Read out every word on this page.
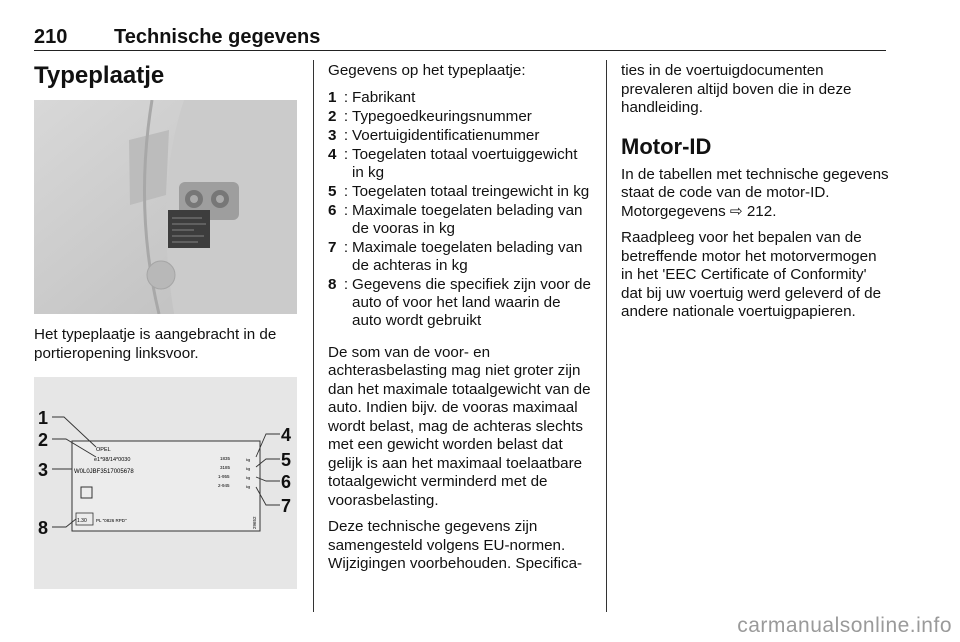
210 Technische gegevens
Typeplaatje

Het typeplaatje is aangebracht in de portieropening linksvoor.

OPEL
e1*98/14*0030
W0L0JBF3517005678
1835
3185
1-955
2-945
kg
kg
kg
kg
1.30 PL "0826 RPD"	29652
1
2
3
8
4
5
6
7

Gegevens op het typeplaatje:

1 : Fabrikant
2 : Typegoedkeuringsnummer
3 : Voertuigidentificatienummer
4 : Toegelaten totaal voertuiggewicht in kg
5 : Toegelaten totaal treingewicht in kg
6 : Maximale toegelaten belading van de vooras in kg
7 : Maximale toegelaten belading van de achteras in kg
8 : Gegevens die specifiek zijn voor de auto of voor het land waarin de auto wordt gebruikt

De som van de voor- en achterasbelasting mag niet groter zijn dan het maximale totaalgewicht van de auto. Indien bijv. de vooras maximaal wordt belast, mag de achteras slechts met een gewicht worden belast dat gelijk is aan het maximaal toelaatbare totaalgewicht verminderd met de voorasbelasting.

Deze technische gegevens zijn samengesteld volgens EU-normen. Wijzigingen voorbehouden. Specifica-

ties in de voertuigdocumenten prevaleren altijd boven die in deze handleiding.

Motor-ID

In de tabellen met technische gegevens staat de code van de motor-ID. Motorgegevens ⇨ 212.

Raadpleeg voor het bepalen van de betreffende motor het motorvermogen in het 'EEC Certificate of Conformity' dat bij uw voertuig werd geleverd of de andere nationale voertuigpapieren.

carmanualsonline.info
